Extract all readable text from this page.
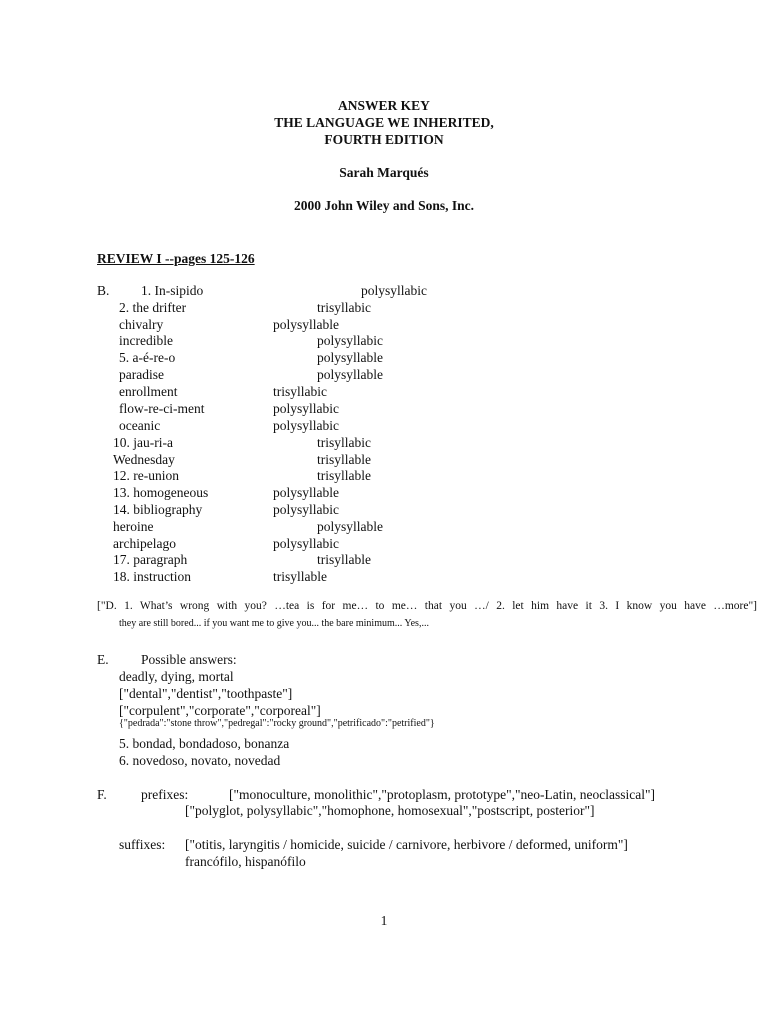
ANSWER KEY
THE LANGUAGE WE INHERITED,
FOURTH EDITION
Sarah Marqués
2000 John Wiley and Sons, Inc.
REVIEW I --pages 125-126
B. 1. In-sipido	polysyllabic
2. the drifter	trisyllabic
chivalry	polysyllable
incredible	polysyllabic
5. a-é-re-o	polysyllable
paradise	polysyllable
enrollment	trisyllabic
flow-re-ci-ment	polysyllabic
oceanic	polysyllabic
10. jau-ri-a	trisyllabic
Wednesday	trisyllable
12. re-union	trisyllable
13. homogeneous	polysyllable
14. bibliography	polysyllabic
heroine	polysyllable
archipelago	polysyllabic
17. paragraph	trisyllable
18. instruction	trisyllable
["D. 1. What’s wrong with you? …tea is for me… to me… that you …/ 2. let him have it 3. I know you have …more"]
they are still bored... if you want me to give you... the bare minimum... Yes,...
E. Possible answers:
deadly, dying, mortal
["dental","dentist","toothpaste"]
["corpulent","corporate","corporeal"]
{"pedrada":"stone throw","pedregal":"rocky ground","petrificado":"petrified"}
5. bondad, bondadoso, bonanza
6. novedoso, novato, novedad
F.	prefixes:	["monoculture, monolithic","protoplasm, prototype","neo-Latin, neoclassical"]
["polyglot, polysyllabic","homophone, homosexual","postscript, posterior"]
suffixes: ["otitis, laryngitis / homicide, suicide / carnivore, herbivore / deformed, uniform"]
francófilo, hispanófilo
1
